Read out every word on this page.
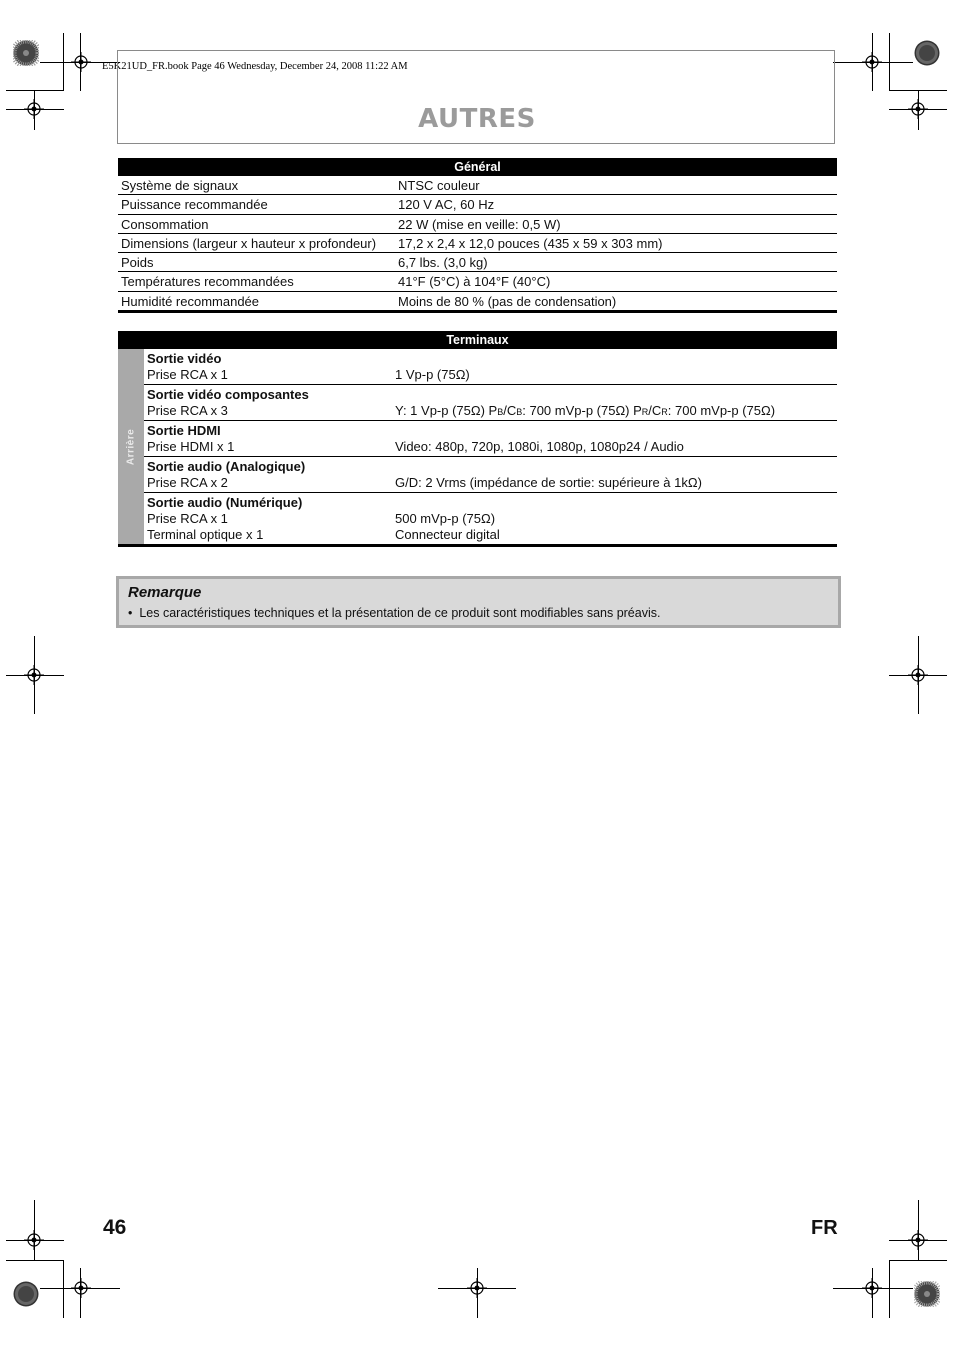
E5K21UD_FR.book Page 46 Wednesday, December 24, 2008 11:22 AM
AUTRES
Général
Système de signaux	NTSC couleur
Puissance recommandée	120 V AC, 60 Hz
Consommation	22 W (mise en veille: 0,5 W)
Dimensions (largeur x hauteur x profondeur)	17,2 x 2,4 x 12,0 pouces (435 x 59 x 303 mm)
Poids	6,7 lbs. (3,0 kg)
Températures recommandées	41°F (5°C) à 104°F (40°C)
Humidité recommandée	Moins de 80 % (pas de condensation)
Terminaux
Arrière
Sortie vidéo
Prise RCA x 1	1 Vp-p (75Ω)
Sortie vidéo composantes
Prise RCA x 3	Y: 1 Vp-p (75Ω) PB/CB: 700 mVp-p (75Ω) PR/CR: 700 mVp-p (75Ω)
Sortie HDMI
Prise HDMI x 1	Video: 480p, 720p, 1080i, 1080p, 1080p24 / Audio
Sortie audio (Analogique)
Prise RCA x 2	G/D: 2 Vrms (impédance de sortie: supérieure à 1kΩ)
Sortie audio (Numérique)
Prise RCA x 1	500 mVp-p (75Ω)
Terminal optique x 1	Connecteur digital
Remarque
•  Les caractéristiques techniques et la présentation de ce produit sont modifiables sans préavis.
46	FR
